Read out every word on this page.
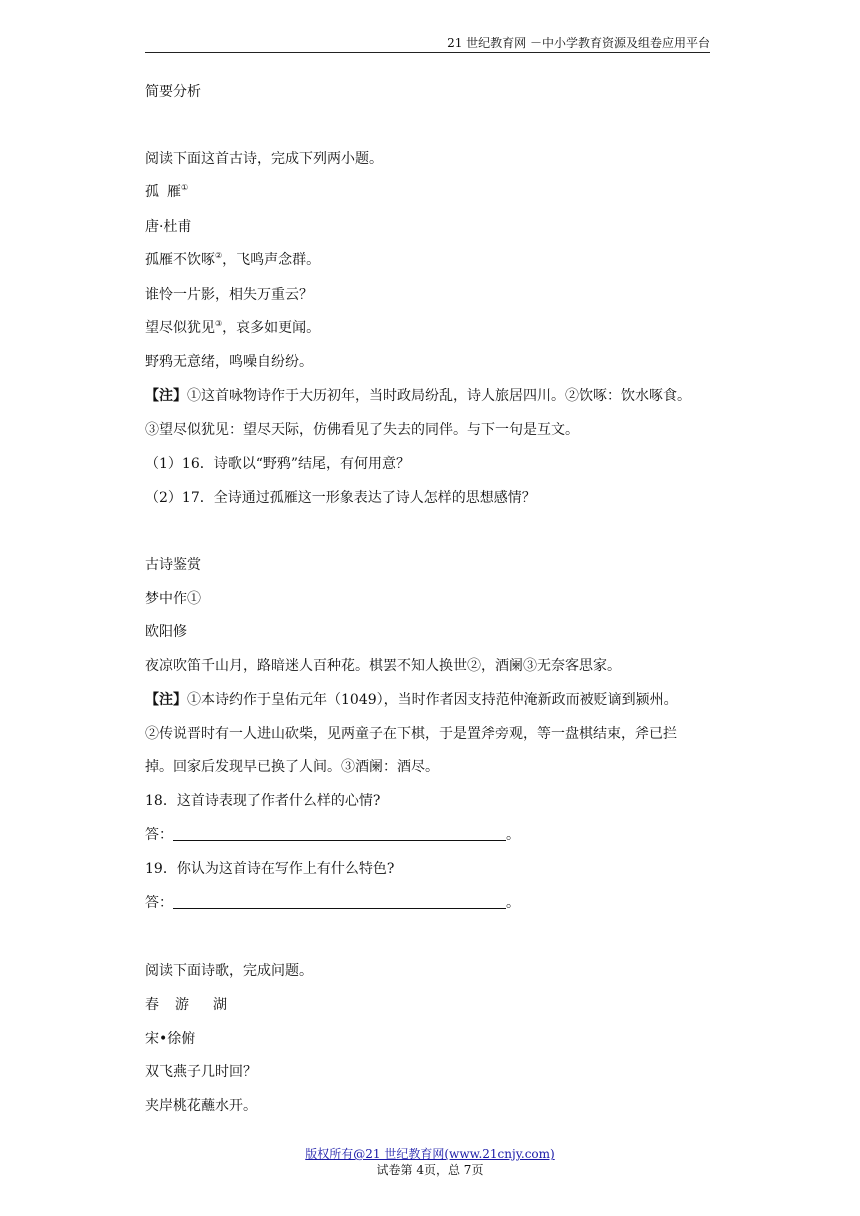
21 世纪教育网 －中小学教育资源及组卷应用平台
简要分析
阅读下面这首古诗，完成下列两小题。
孤 雁①
唐·杜甫
孤雁不饮啄②，飞鸣声念群。
谁怜一片影，相失万重云？
望尽似犹见③，哀多如更闻。
野鸦无意绪，鸣噪自纷纷。
【注】①这首咏物诗作于大历初年，当时政局纷乱，诗人旅居四川。②饮啄：饮水啄食。
③望尽似犹见：望尽天际，仿佛看见了失去的同伴。与下一句是互文。
（1）16．诗歌以“野鸦”结尾，有何用意？
（2）17．全诗通过孤雁这一形象表达了诗人怎样的思想感情？
古诗鉴赏
梦中作①
欧阳修
夜凉吹笛千山月，路暗迷人百种花。棋罢不知人换世②，酒阑③无奈客思家。
【注】①本诗约作于皇佑元年（1049），当时作者因支持范仲淹新政而被贬谪到颍州。
②传说晋时有一人进山砍柴，见两童子在下棋，于是置斧旁观，等一盘棋结束，斧已拦
掉。回家后发现早已换了人间。③酒阑：酒尽。
18．这首诗表现了作者什么样的心情?
答：	。
19．你认为这首诗在写作上有什么特色?
答：	。
阅读下面诗歌，完成问题。
春 游 湖
宋•徐俯
双飞燕子几时回？
夹岸桃花蘸水开。
版权所有@21 世纪教育网(www.21cnjy.com)
试卷第 4页，总 7页
